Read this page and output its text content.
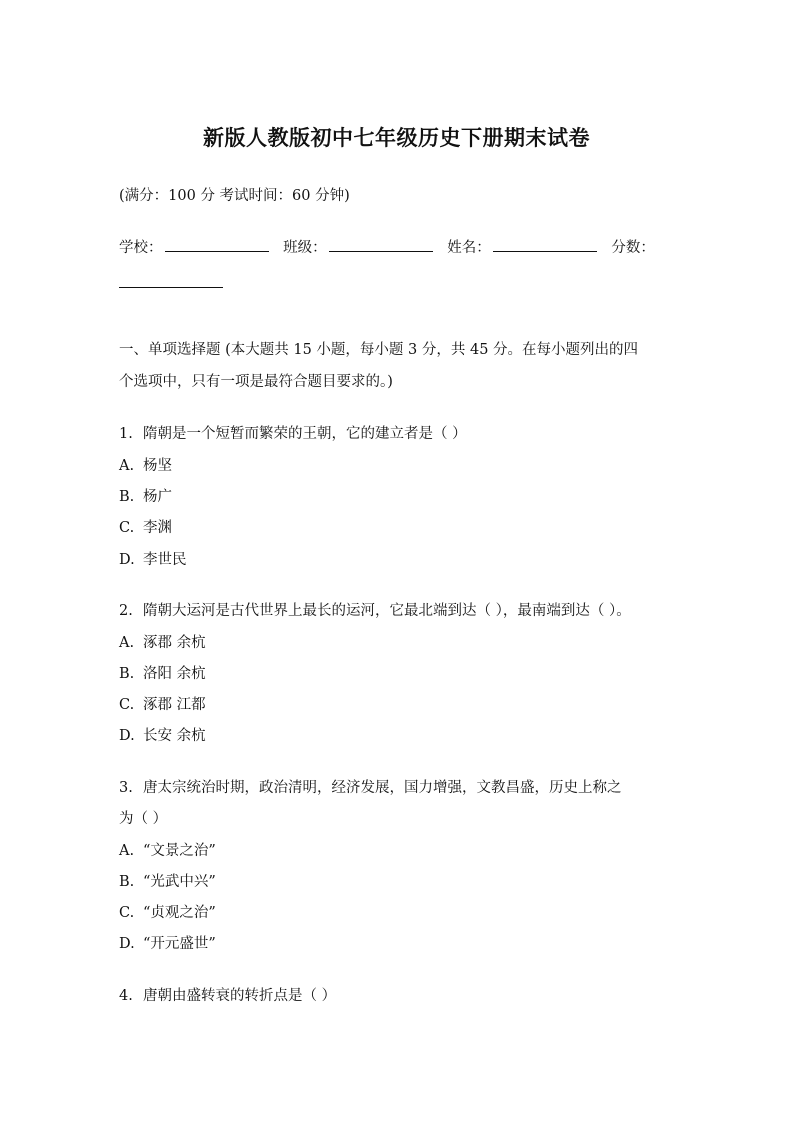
新版人教版初中七年级历史下册期末试卷
(满分：100 分 考试时间：60 分钟)
学校：	班级：	姓名：	分数：
一、单项选择题 (本大题共 15 小题，每小题 3 分，共 45 分。在每小题列出的四
个选项中，只有一项是最符合题目要求的。)
1. 隋朝是一个短暂而繁荣的王朝，它的建立者是（ ）
A. 杨坚
B. 杨广
C. 李渊
D. 李世民
2. 隋朝大运河是古代世界上最长的运河，它最北端到达（ ），最南端到达（ ）。
A. 涿郡 余杭
B. 洛阳 余杭
C. 涿郡 江都
D. 长安 余杭
3. 唐太宗统治时期，政治清明，经济发展，国力增强，文教昌盛，历史上称之
为（ ）
A. “文景之治”
B. “光武中兴”
C. “贞观之治”
D. “开元盛世”
4. 唐朝由盛转衰的转折点是（ ）
